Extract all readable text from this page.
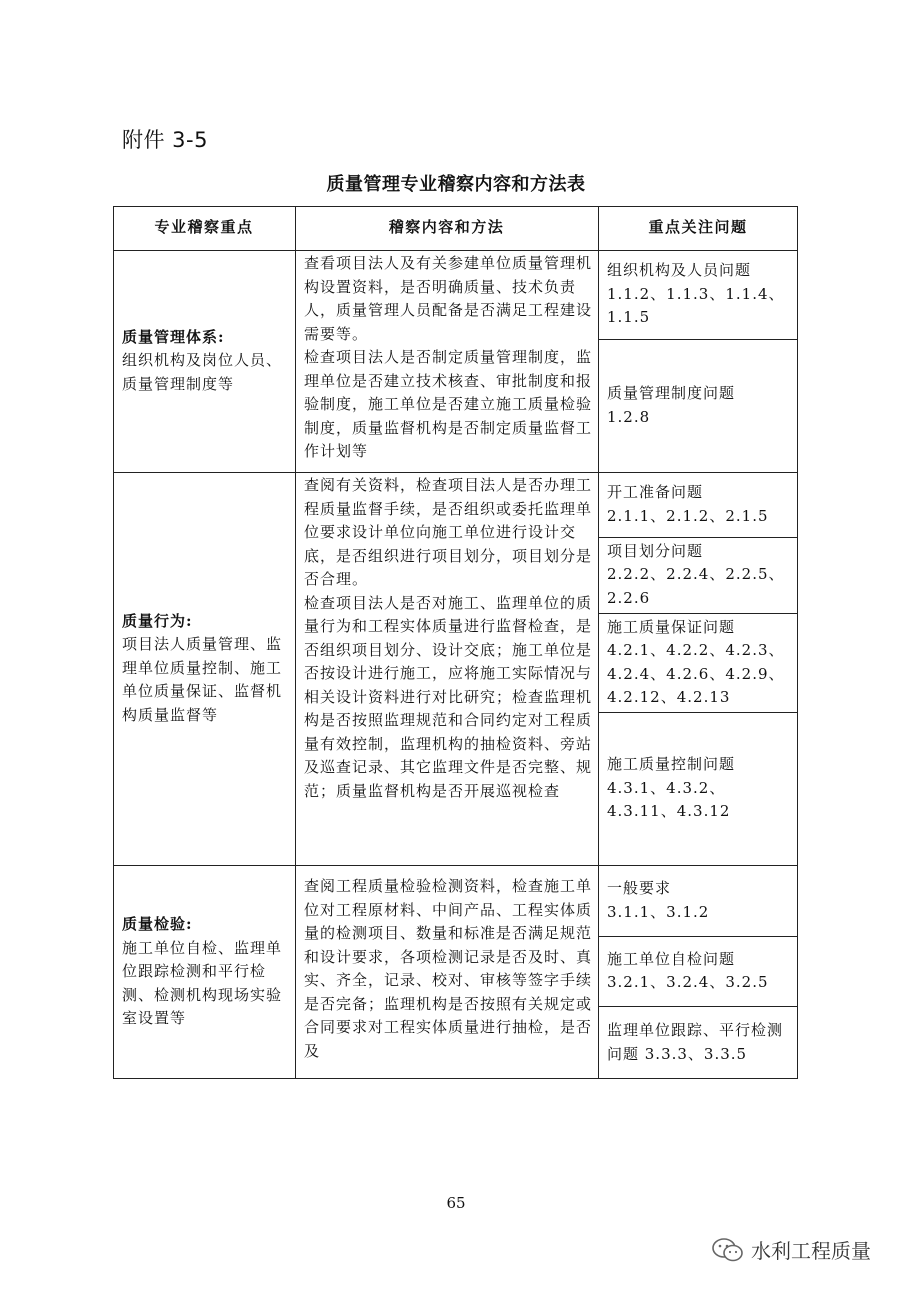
附件 3-5
质量管理专业稽察内容和方法表
专业稽察重点	稽察内容和方法	重点关注问题
质量管理体系:
组织机构及岗位人员、质量管理制度等

查看项目法人及有关参建单位质量管理机构设置资料，是否明确质量、技术负责人，质量管理人员配备是否满足工程建设需要等。

检查项目法人是否制定质量管理制度，监理单位是否建立技术核查、审批制度和报验制度，施工单位是否建立施工质量检验制度，质量监督机构是否制定质量监督工作计划等

组织机构及人员问题
1.1.2、1.1.3、1.1.4、1.1.5
质量管理制度问题
1.2.8
质量行为:
项目法人质量管理、监理单位质量控制、施工单位质量保证、监督机构质量监督等

查阅有关资料，检查项目法人是否办理工程质量监督手续，是否组织或委托监理单位要求设计单位向施工单位进行设计交底，是否组织进行项目划分，项目划分是否合理。

检查项目法人是否对施工、监理单位的质量行为和工程实体质量进行监督检查，是否组织项目划分、设计交底；施工单位是否按设计进行施工，应将施工实际情况与相关设计资料进行对比研究；检查监理机构是否按照监理规范和合同约定对工程质量有效控制，监理机构的抽检资料、旁站及巡查记录、其它监理文件是否完整、规范；质量监督机构是否开展巡视检查

开工准备问题
2.1.1、2.1.2、2.1.5
项目划分问题
2.2.2、2.2.4、2.2.5、2.2.6
施工质量保证问题
4.2.1、4.2.2、4.2.3、4.2.4、4.2.6、4.2.9、4.2.12、4.2.13
施工质量控制问题
4.3.1、4.3.2、4.3.11、4.3.12
质量检验:
施工单位自检、监理单位跟踪检测和平行检测、检测机构现场实验室设置等

查阅工程质量检验检测资料，检查施工单位对工程原材料、中间产品、工程实体质量的检测项目、数量和标准是否满足规范和设计要求，各项检测记录是否及时、真实、齐全，记录、校对、审核等签字手续是否完备；监理机构是否按照有关规定或合同要求对工程实体质量进行抽检，是否及

一般要求
3.1.1、3.1.2
施工单位自检问题
3.2.1、3.2.4、3.2.5
监理单位跟踪、平行检测问题 3.3.3、3.3.5
65
水利工程质量
